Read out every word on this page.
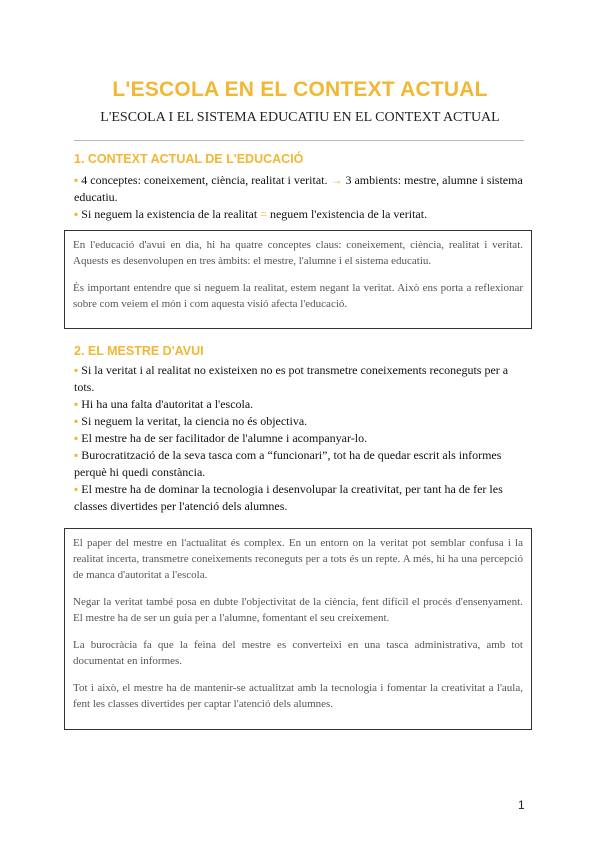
L'ESCOLA EN EL CONTEXT ACTUAL
L'ESCOLA I EL SISTEMA EDUCATIU EN EL CONTEXT ACTUAL
1. CONTEXT ACTUAL DE L'EDUCACIÓ
▪ 4 conceptes: coneixement, ciència, realitat i veritat. → 3 ambients: mestre, alumne i sistema educatiu.
▪ Si neguem la existencia de la realitat = neguem l'existencia de la veritat.

En l'educació d'avui en dia, hi ha quatre conceptes claus: coneixement, ciència, realitat i veritat. Aquests es desenvolupen en tres àmbits: el mestre, l'alumne i el sistema educatiu.

És important entendre que si neguem la realitat, estem negant la veritat. Això ens porta a reflexionar sobre com veiem el món i com aquesta visió afecta l'educació.

2. EL MESTRE D'AVUI
▪ Si la veritat i al realitat no existeixen no es pot transmetre coneixements reconeguts per a tots.
▪ Hi ha una falta d'autoritat a l'escola.
▪ Si neguem la veritat, la ciencia no és objectiva.
▪ El mestre ha de ser facilitador de l'alumne i acompanyar-lo.
▪ Burocratització de la seva tasca com a “funcionari”, tot ha de quedar escrit als informes perquè hi quedi constància.
▪ El mestre ha de dominar la tecnologia i desenvolupar la creativitat, per tant ha de fer les classes divertides per l'atenció dels alumnes.

El paper del mestre en l'actualitat és complex. En un entorn on la veritat pot semblar confusa i la realitat incerta, transmetre coneixements reconeguts per a tots és un repte. A més, hi ha una percepció de manca d'autoritat a l'escola.

Negar la veritat també posa en dubte l'objectivitat de la ciència, fent difícil el procés d'ensenyament. El mestre ha de ser un guia per a l'alumne, fomentant el seu creixement.

La burocràcia fa que la feina del mestre es converteixi en una tasca administrativa, amb tot documentat en informes.

Tot i això, el mestre ha de mantenir-se actualitzat amb la tecnologia i fomentar la creativitat a l'aula, fent les classes divertides per captar l'atenció dels alumnes.

1
